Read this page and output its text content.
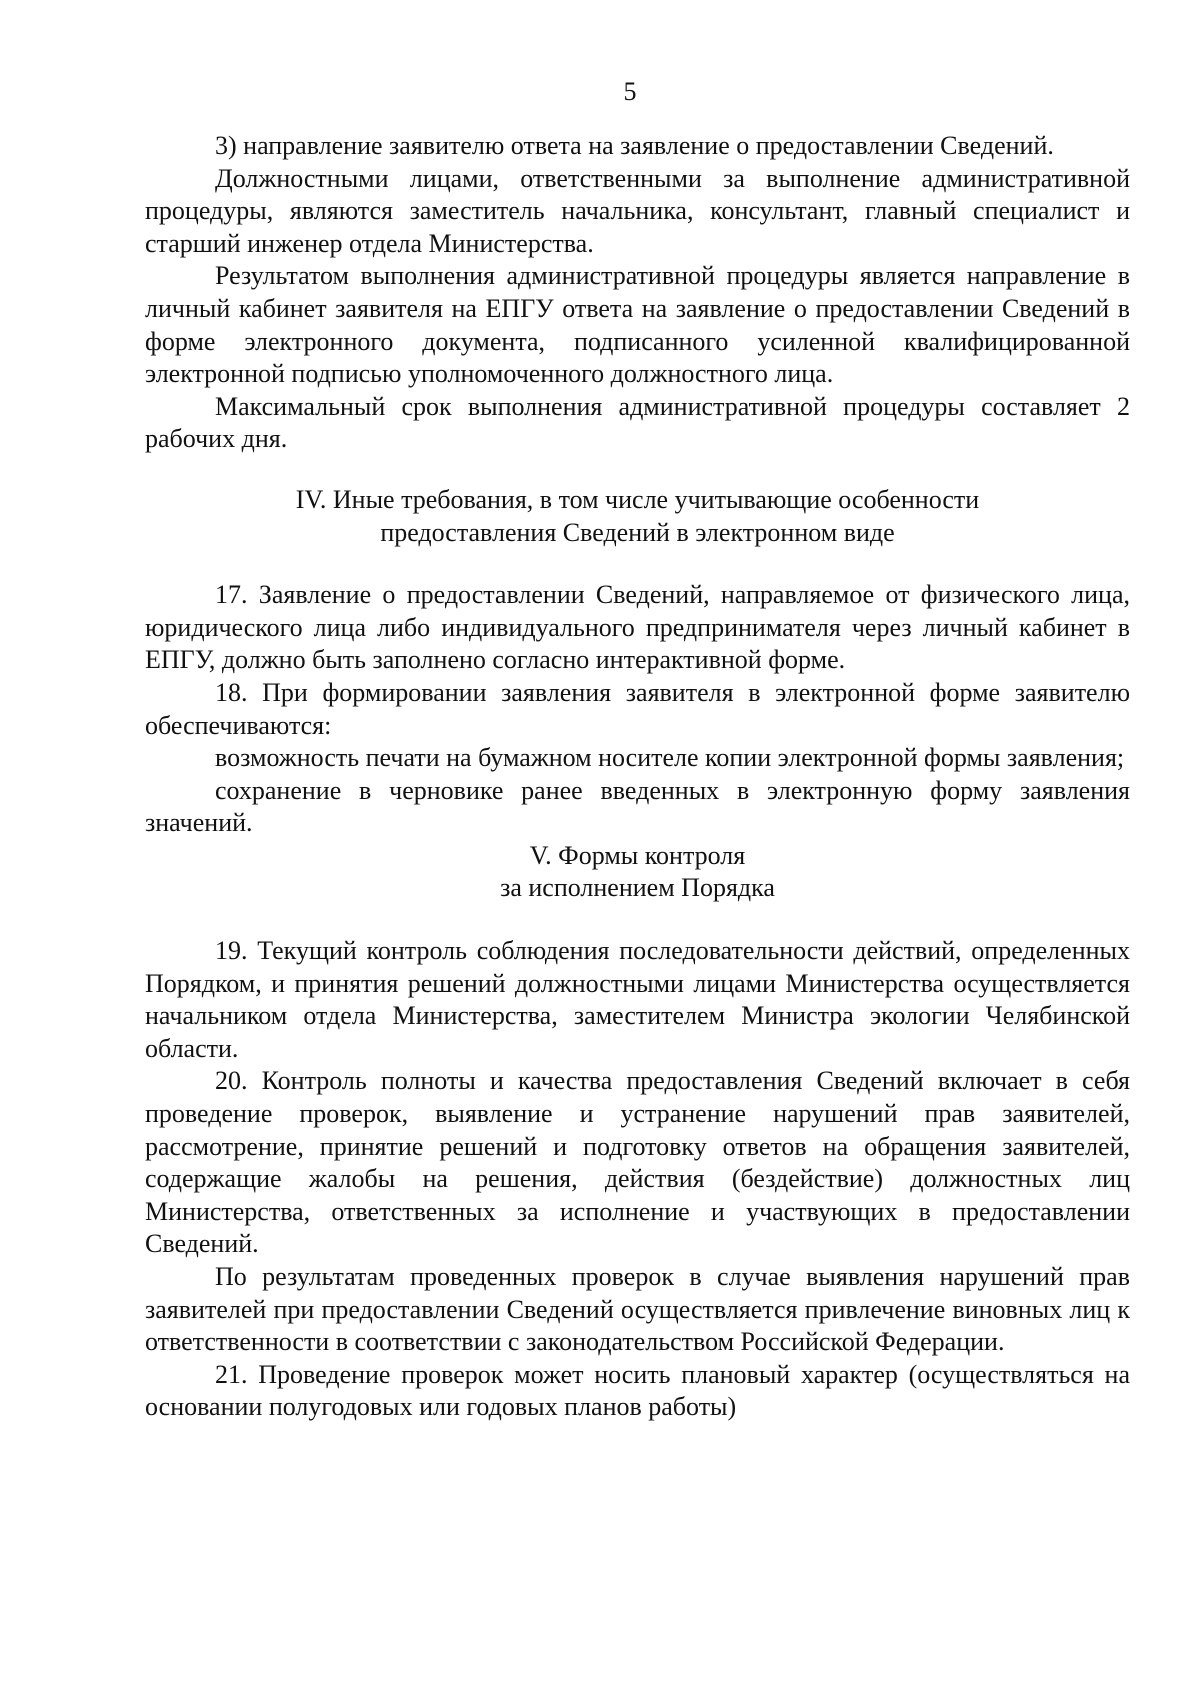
5

3) направление заявителю ответа на заявление о предоставлении Сведений.

Должностными лицами, ответственными за выполнение административной процедуры, являются заместитель начальника, консультант, главный специалист и старший инженер отдела Министерства.

Результатом выполнения административной процедуры является направление в личный кабинет заявителя на ЕПГУ ответа на заявление о предоставлении Сведений в форме электронного документа, подписанного усиленной квалифицированной электронной подписью уполномоченного должностного лица.

Максимальный срок выполнения административной процедуры составляет 2 рабочих дня.

IV. Иные требования, в том числе учитывающие особенности
предоставления Сведений в электронном виде

17. Заявление о предоставлении Сведений, направляемое от физического лица, юридического лица либо индивидуального предпринимателя через личный кабинет в ЕПГУ, должно быть заполнено согласно интерактивной форме.

18. При формировании заявления заявителя в электронной форме заявителю обеспечиваются:

возможность печати на бумажном носителе копии электронной формы заявления;

сохранение в черновике ранее введенных в электронную форму заявления значений.

V. Формы контроля
за исполнением Порядка

19. Текущий контроль соблюдения последовательности действий, определенных Порядком, и принятия решений должностными лицами Министерства осуществляется начальником отдела Министерства, заместителем Министра экологии Челябинской области.

20. Контроль полноты и качества предоставления Сведений включает в себя проведение проверок, выявление и устранение нарушений прав заявителей, рассмотрение, принятие решений и подготовку ответов на обращения заявителей, содержащие жалобы на решения, действия (бездействие) должностных лиц Министерства, ответственных за исполнение и участвующих в предоставлении Сведений.

По результатам проведенных проверок в случае выявления нарушений прав заявителей при предоставлении Сведений осуществляется привлечение виновных лиц к ответственности в соответствии с законодательством Российской Федерации.

21. Проведение проверок может носить плановый характер (осуществляться на основании полугодовых или годовых планов работы)
